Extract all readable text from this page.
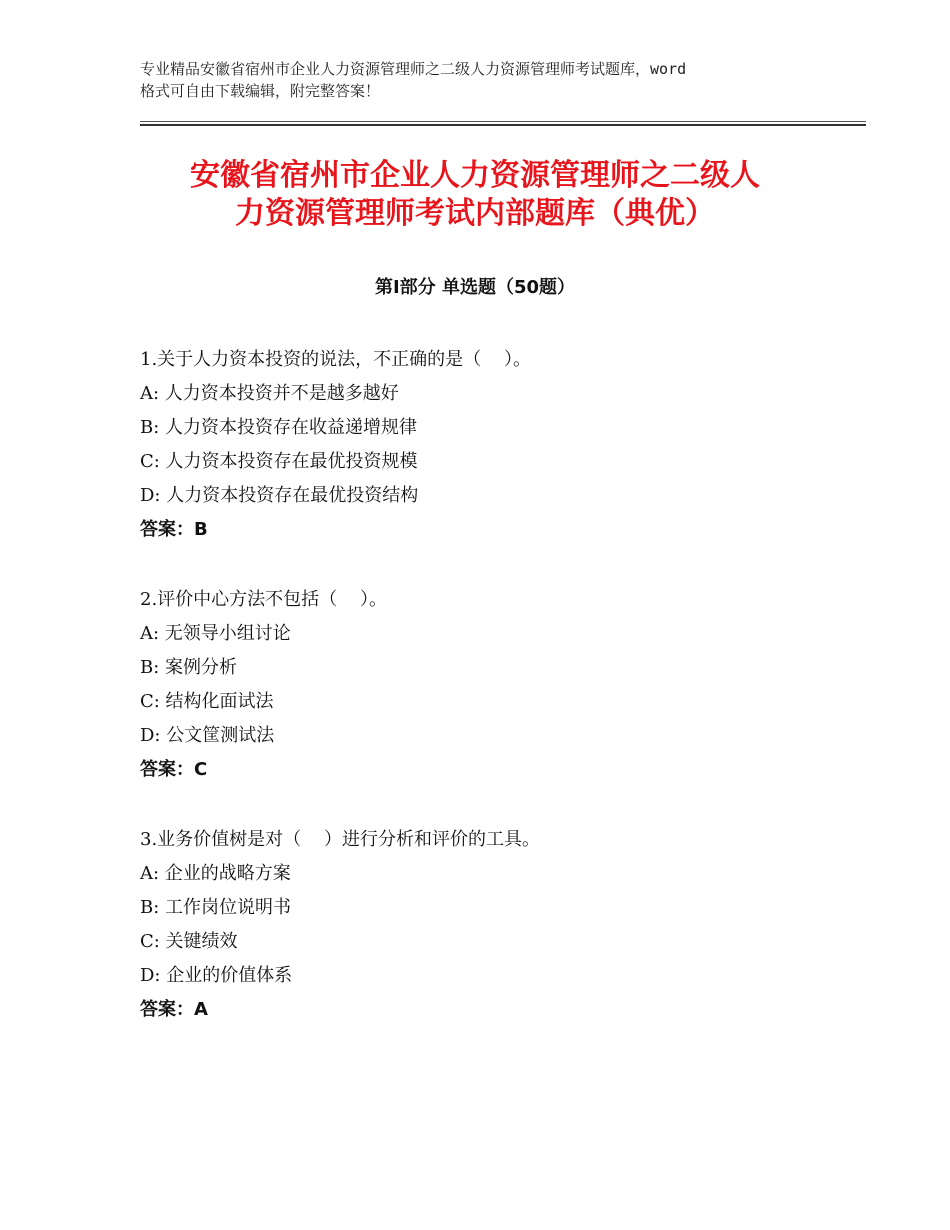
专业精品安徽省宿州市企业人力资源管理师之二级人力资源管理师考试题库，word
格式可自由下载编辑，附完整答案！
安徽省宿州市企业人力资源管理师之二级人
力资源管理师考试内部题库（典优）
第Ⅰ部分 单选题（50题）
1.关于人力资本投资的说法，不正确的是（    ）。
A: 人力资本投资并不是越多越好
B: 人力资本投资存在收益递增规律
C: 人力资本投资存在最优投资规模
D: 人力资本投资存在最优投资结构
答案：B
2.评价中心方法不包括（    ）。
A: 无领导小组讨论
B: 案例分析
C: 结构化面试法
D: 公文筐测试法
答案：C
3.业务价值树是对（    ）进行分析和评价的工具。
A: 企业的战略方案
B: 工作岗位说明书
C: 关键绩效
D: 企业的价值体系
答案：A
